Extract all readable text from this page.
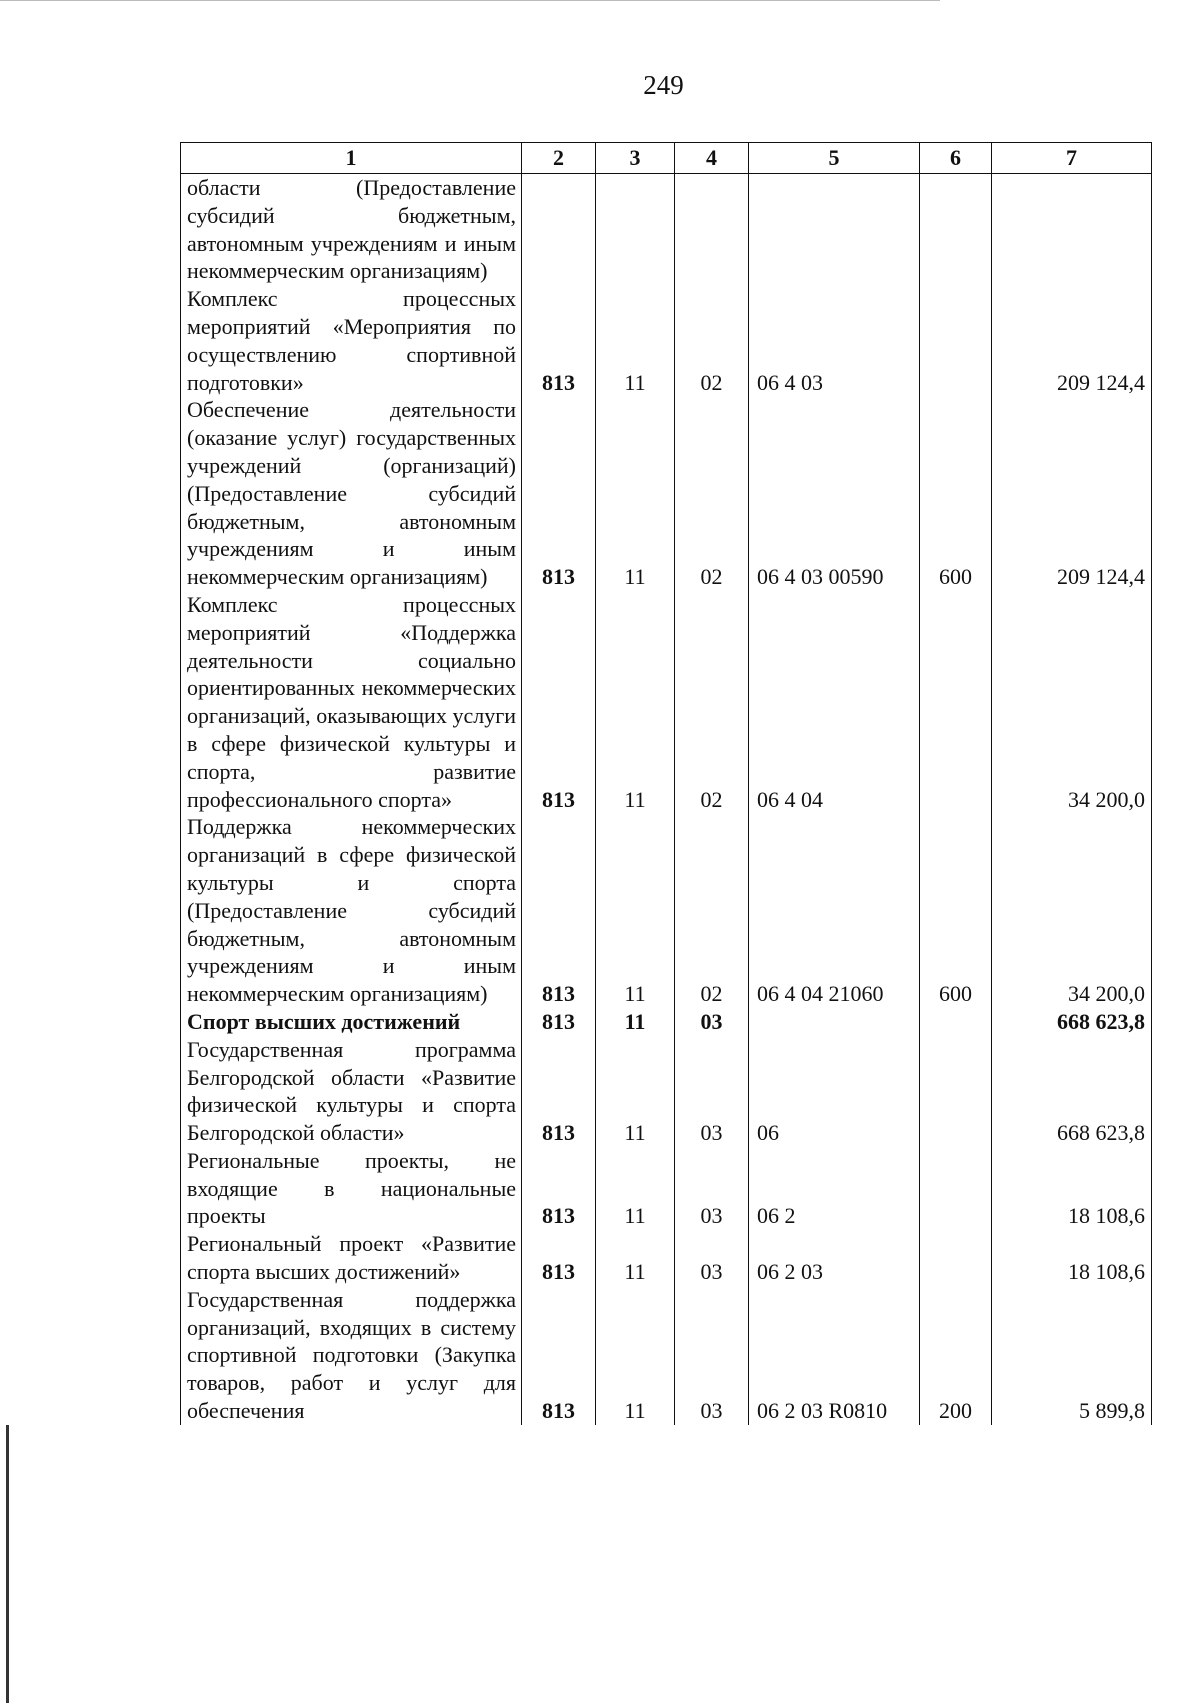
249
1	2	3	4	5	6	7
области (Предоставление субсидий бюджетным, автономным учреждениям и иным некоммерческим организациям)						
Комплекс процессных мероприятий «Мероприятия по осуществлению спортивной подготовки»	813	11	02	06 4 03		209 124,4
Обеспечение деятельности (оказание услуг) государственных учреждений (организаций) (Предоставление субсидий бюджетным, автономным учреждениям и иным некоммерческим организациям)	813	11	02	06 4 03 00590	600	209 124,4
Комплекс процессных мероприятий «Поддержка деятельности социально ориентированных некоммерческих организаций, оказывающих услуги в сфере физической культуры и спорта, развитие профессионального спорта»	813	11	02	06 4 04		34 200,0
Поддержка некоммерческих организаций в сфере физической культуры и спорта (Предоставление субсидий бюджетным, автономным учреждениям и иным некоммерческим организациям)	813	11	02	06 4 04 21060	600	34 200,0
Спорт высших достижений	813	11	03			668 623,8
Государственная программа Белгородской области «Развитие физической культуры и спорта Белгородской области»	813	11	03	06		668 623,8
Региональные проекты, не входящие в национальные проекты	813	11	03	06 2		18 108,6
Региональный проект «Развитие спорта высших достижений»	813	11	03	06 2 03		18 108,6
Государственная поддержка организаций, входящих в систему спортивной подготовки (Закупка товаров, работ и услуг для обеспечения	813	11	03	06 2 03 R0810	200	5 899,8
